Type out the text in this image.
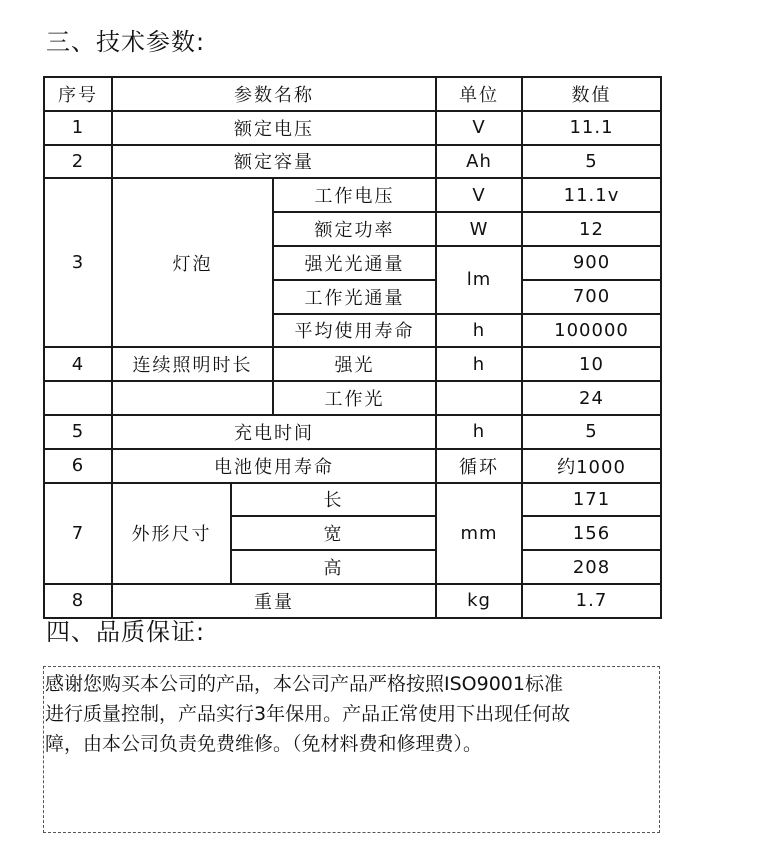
三、技术参数:
序号	参数名称			单位	数值
1	额定电压			V	11.1
2	额定容量			Ah	5
3	灯泡		工作电压	V	11.1v
			额定功率	W	12
			强光光通量	lm	900
			工作光通量		700
			平均使用寿命	h	100000
4	连续照明时长		强光	h	10
			工作光		24
5	充电时间			h	5
6	电池使用寿命			循环	约1000
7	外形尺寸	长		mm	171
		宽			156
		高			208
8	重量			kg	1.7
四、品质保证:
感谢您购买本公司的产品，本公司产品严格按照ISO9001标准
进行质量控制，产品实行3年保用。产品正常使用下出现任何故
障，由本公司负责免费维修。（免材料费和修理费）。
